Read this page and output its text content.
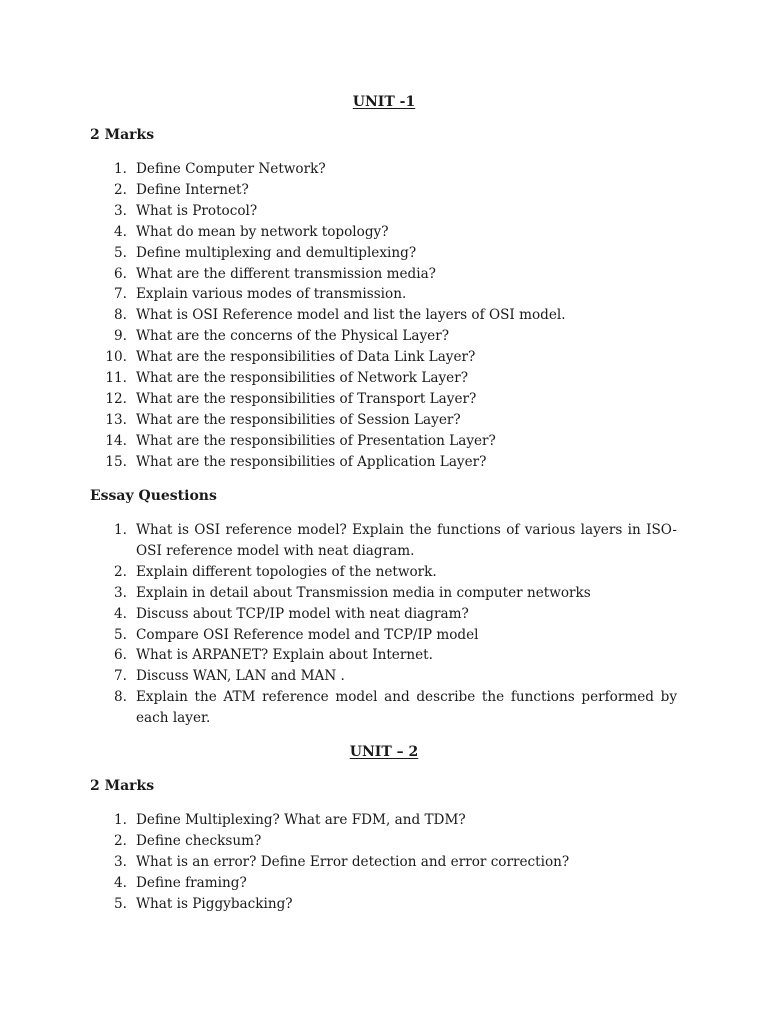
UNIT -1
2 Marks
1. Define Computer Network?
2. Define Internet?
3. What is Protocol?
4. What do mean by network topology?
5. Define multiplexing and demultiplexing?
6. What are the different transmission media?
7. Explain various modes of transmission.
8. What is OSI Reference model and list the layers of OSI model.
9. What are the concerns of the Physical Layer?
10. What are the responsibilities of Data Link Layer?
11. What are the responsibilities of Network Layer?
12. What are the responsibilities of Transport Layer?
13. What are the responsibilities of Session Layer?
14. What are the responsibilities of Presentation Layer?
15. What are the responsibilities of Application Layer?
Essay Questions
1. What is OSI reference model? Explain the functions of various layers in ISO-OSI reference model with neat diagram.
2. Explain different topologies of the network.
3. Explain in detail about Transmission media in computer networks
4. Discuss about TCP/IP model with neat diagram?
5. Compare OSI Reference model and TCP/IP model
6. What is ARPANET? Explain about Internet.
7. Discuss WAN, LAN and MAN .
8. Explain the ATM reference model and describe the functions performed by each layer.
UNIT – 2
2 Marks
1. Define Multiplexing? What are FDM, and TDM?
2. Define checksum?
3. What is an error? Define Error detection and error correction?
4. Define framing?
5. What is Piggybacking?
